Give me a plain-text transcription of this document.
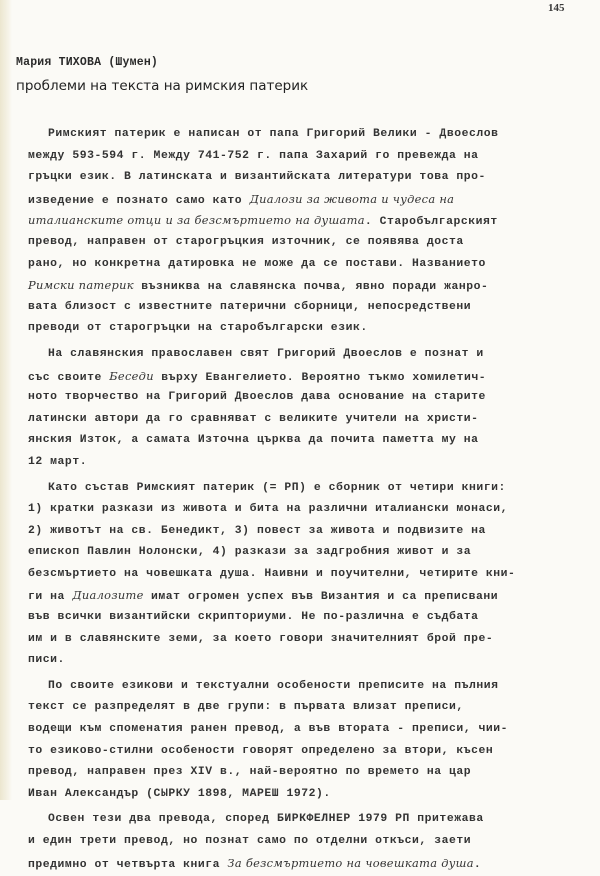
145
Мария ТИХОВА (Шумен)
проблеми на текста на римския патерик
Римският патерик е написан от папа Григорий Велики - Двоеслов
между 593-594 г. Между 741-752 г. папа Захарий го превежда на
гръцки език. В латинската и византийската литератури това про-
изведение е познато само като Диалози за живота и чудеса на
италианските отци и за безсмъртието на душата. Старобългарският
превод, направен от старогръцкия източник, се появява доста
рано, но конкретна датировка не може да се постави. Названието
Римски патерик възниква на славянска почва, явно поради жанро-
вата близост с известните патерични сборници, непосредствени
преводи от старогръцки на старобългарски език.
На славянския православен свят Григорий Двоеслов е познат и
със своите Беседи върху Евангелието. Вероятно тъкмо хомилетич-
ното творчество на Григорий Двоеслов дава основание на старите
латински автори да го сравняват с великите учители на христи-
янския Изток, а самата Източна църква да почита паметта му на
12 март.
Като състав Римският патерик (= РП) е сборник от четири книги:
1) кратки разкази из живота и бита на различни италиански монаси,
2) животът на св. Бенедикт, 3) повест за живота и подвизите на
епископ Павлин Нолонски, 4) разкази за задгробния живот и за
безсмъртието на човешката душа. Наивни и поучителни, четирите кни-
ги на Диалозите имат огромен успех във Византия и са преписвани
във всички византийски скрипториуми. Не по-различна е съдбата
им и в славянските земи, за което говори значителният брой пре-
писи.
По своите езикови и текстуални особености преписите на пълния
текст се разпределят в две групи: в първата влизат преписи,
водещи към споменатия ранен превод, а във втората - преписи, чии-
то езиково-стилни особености говорят определено за втори, късен
превод, направен през XIV в., най-вероятно по времето на цар
Иван Александър (СЫРКУ 1898, МАРЕШ 1972).
Освен тези два превода, според БИРКФЕЛНЕР 1979 РП притежава
и един трети превод, но познат само по отделни откъси, заети
предимно от четвърта книга За безсмъртието на човешката душа.
